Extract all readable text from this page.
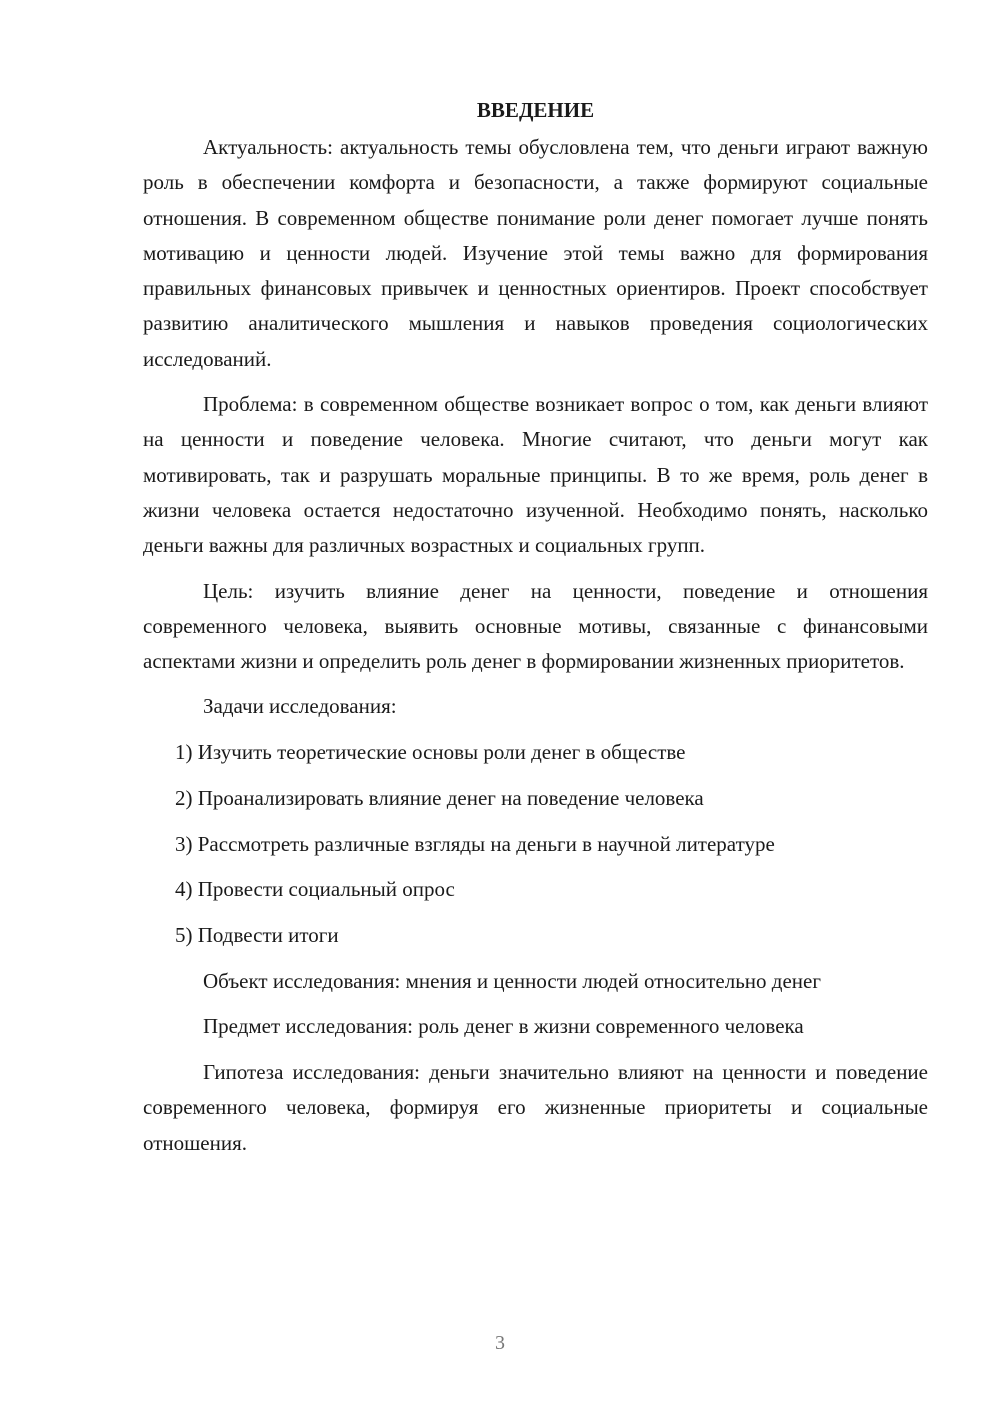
ВВЕДЕНИЕ

Актуальность: актуальность темы обусловлена тем, что деньги играют важную роль в обеспечении комфорта и безопасности, а также формируют социальные отношения. В современном обществе понимание роли денег помогает лучше понять мотивацию и ценности людей. Изучение этой темы важно для формирования правильных финансовых привычек и ценностных ориентиров. Проект способствует развитию аналитического мышления и навыков проведения социологических исследований.

Проблема: в современном обществе возникает вопрос о том, как деньги влияют на ценности и поведение человека. Многие считают, что деньги могут как мотивировать, так и разрушать моральные принципы. В то же время, роль денег в жизни человека остается недостаточно изученной. Необходимо понять, насколько деньги важны для различных возрастных и социальных групп.

Цель: изучить влияние денег на ценности, поведение и отношения современного человека, выявить основные мотивы, связанные с финансовыми аспектами жизни и определить роль денег в формировании жизненных приоритетов.

Задачи исследования:

1) Изучить теоретические основы роли денег в обществе
2) Проанализировать влияние денег на поведение человека
3) Рассмотреть различные взгляды на деньги в научной литературе
4) Провести социальный опрос
5) Подвести итоги

Объект исследования: мнения и ценности людей относительно денег

Предмет исследования: роль денег в жизни современного человека

Гипотеза исследования: деньги значительно влияют на ценности и поведение современного человека, формируя его жизненные приоритеты и социальные отношения.

3
